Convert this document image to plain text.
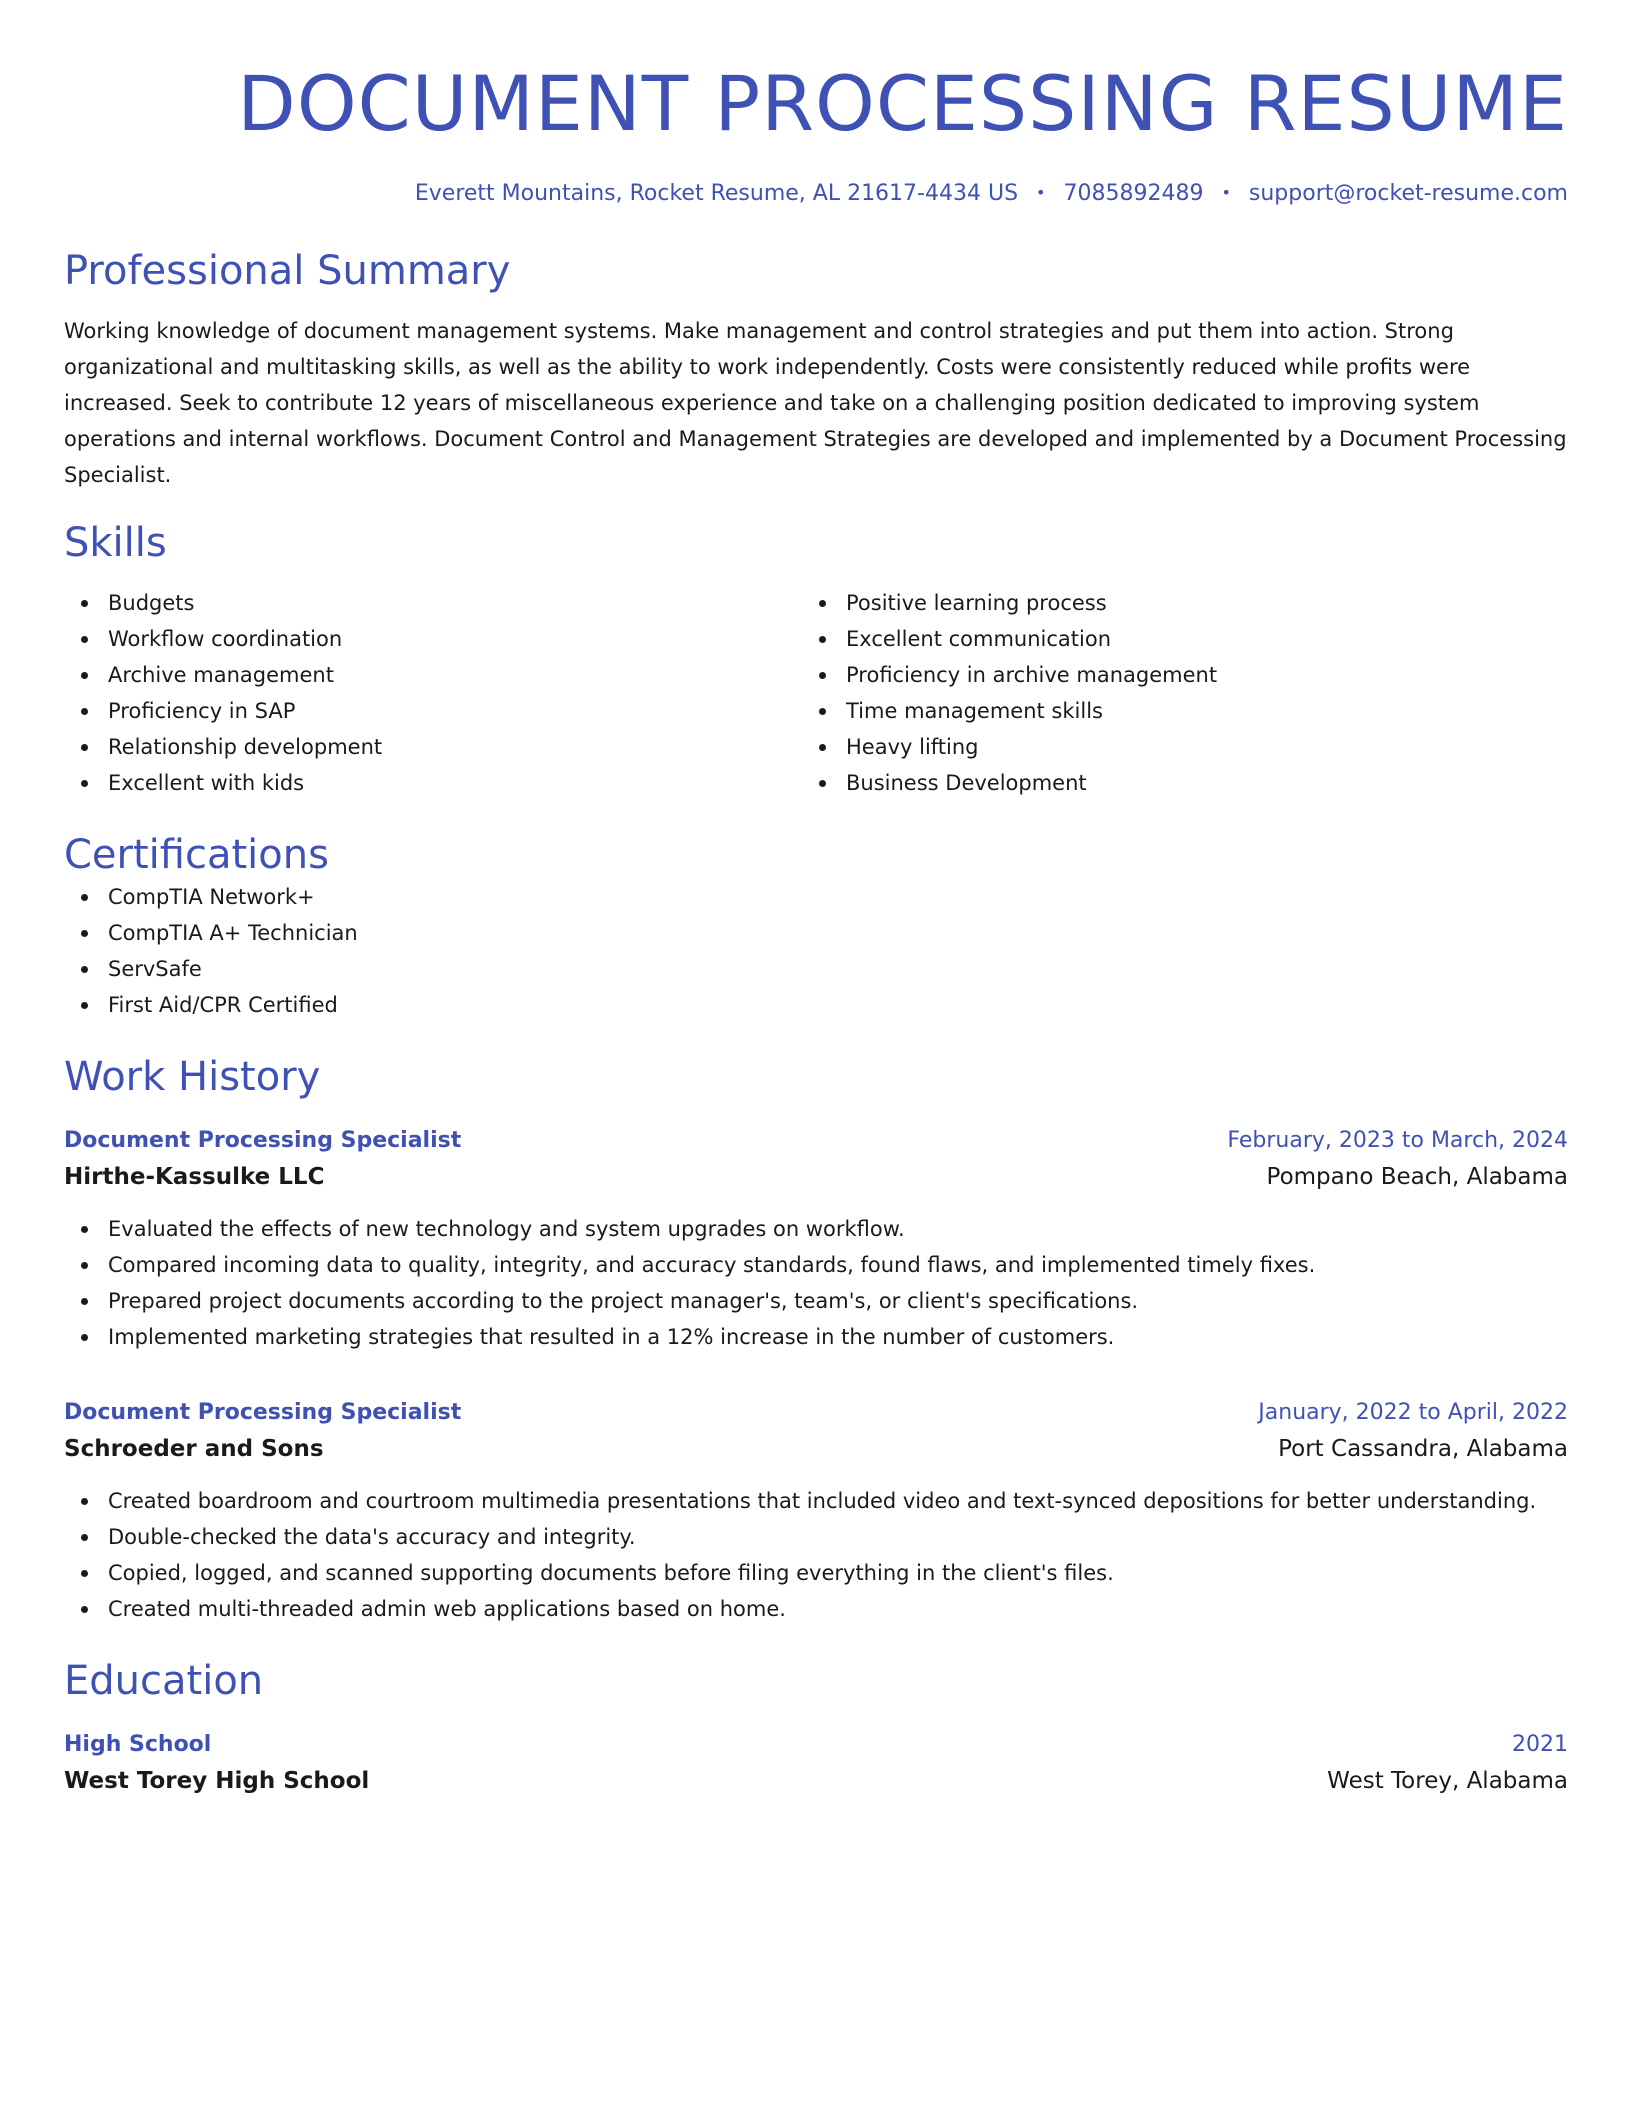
DOCUMENT PROCESSING RESUME
Everett Mountains, Rocket Resume, AL 21617-4434 US • 7085892489 • support@rocket-resume.com
Professional Summary

Working knowledge of document management systems. Make management and control strategies and put them into action. Strong organizational and multitasking skills, as well as the ability to work independently. Costs were consistently reduced while profits were increased. Seek to contribute 12 years of miscellaneous experience and take on a challenging position dedicated to improving system operations and internal workflows. Document Control and Management Strategies are developed and implemented by a Document Processing Specialist.

Skills
Budgets
Workflow coordination
Archive management
Proficiency in SAP
Relationship development
Excellent with kids
Positive learning process
Excellent communication
Proficiency in archive management
Time management skills
Heavy lifting
Business Development
Certifications
CompTIA Network+
CompTIA A+ Technician
ServSafe
First Aid/CPR Certified
Work History
Document Processing Specialist	February, 2023 to March, 2024
Hirthe-Kassulke LLC	Pompano Beach, Alabama
Evaluated the effects of new technology and system upgrades on workflow.
Compared incoming data to quality, integrity, and accuracy standards, found flaws, and implemented timely fixes.
Prepared project documents according to the project manager's, team's, or client's specifications.
Implemented marketing strategies that resulted in a 12% increase in the number of customers.
Document Processing Specialist	January, 2022 to April, 2022
Schroeder and Sons	Port Cassandra, Alabama
Created boardroom and courtroom multimedia presentations that included video and text-synced depositions for better understanding.
Double-checked the data's accuracy and integrity.
Copied, logged, and scanned supporting documents before filing everything in the client's files.
Created multi-threaded admin web applications based on home.
Education
High School	2021
West Torey High School	West Torey, Alabama
